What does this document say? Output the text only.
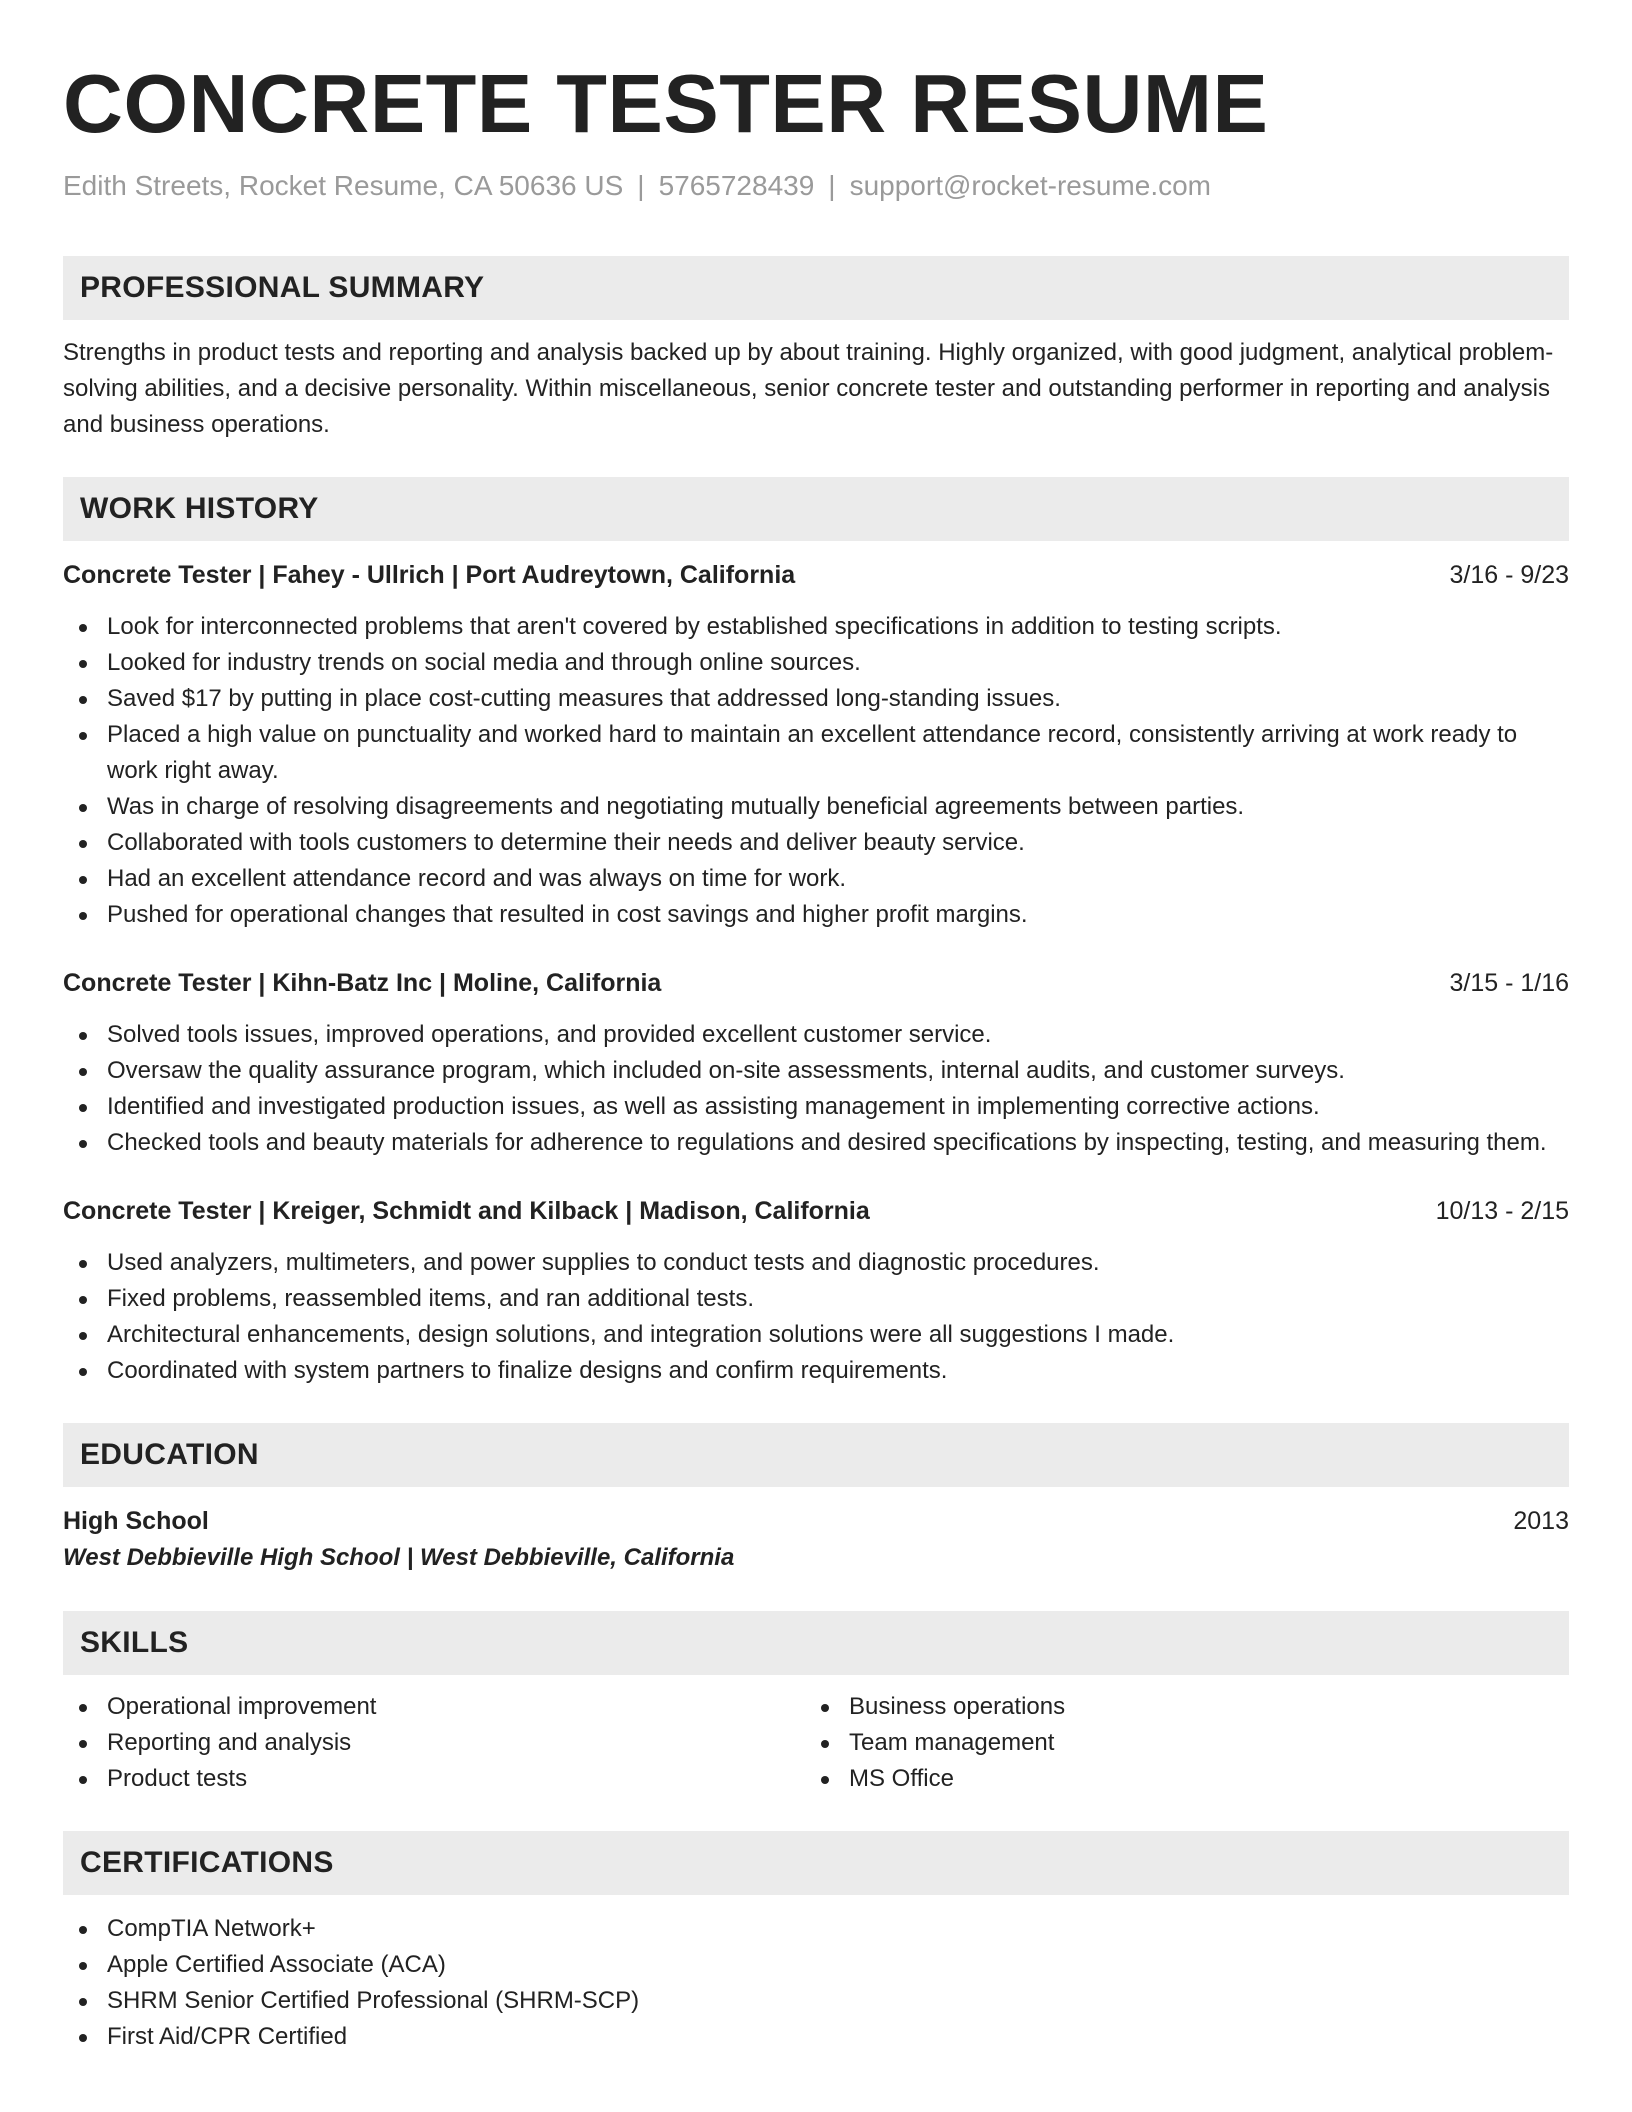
CONCRETE TESTER RESUME
Edith Streets, Rocket Resume, CA 50636 US | 5765728439 | support@rocket-resume.com
PROFESSIONAL SUMMARY
Strengths in product tests and reporting and analysis backed up by about training. Highly organized, with good judgment, analytical problem-solving abilities, and a decisive personality. Within miscellaneous, senior concrete tester and outstanding performer in reporting and analysis and business operations.
WORK HISTORY
Concrete Tester | Fahey - Ullrich | Port Audreytown, California	3/16 - 9/23
Look for interconnected problems that aren't covered by established specifications in addition to testing scripts.
Looked for industry trends on social media and through online sources.
Saved $17 by putting in place cost-cutting measures that addressed long-standing issues.
Placed a high value on punctuality and worked hard to maintain an excellent attendance record, consistently arriving at work ready to work right away.
Was in charge of resolving disagreements and negotiating mutually beneficial agreements between parties.
Collaborated with tools customers to determine their needs and deliver beauty service.
Had an excellent attendance record and was always on time for work.
Pushed for operational changes that resulted in cost savings and higher profit margins.
Concrete Tester | Kihn-Batz Inc | Moline, California	3/15 - 1/16
Solved tools issues, improved operations, and provided excellent customer service.
Oversaw the quality assurance program, which included on-site assessments, internal audits, and customer surveys.
Identified and investigated production issues, as well as assisting management in implementing corrective actions.
Checked tools and beauty materials for adherence to regulations and desired specifications by inspecting, testing, and measuring them.
Concrete Tester | Kreiger, Schmidt and Kilback | Madison, California	10/13 - 2/15
Used analyzers, multimeters, and power supplies to conduct tests and diagnostic procedures.
Fixed problems, reassembled items, and ran additional tests.
Architectural enhancements, design solutions, and integration solutions were all suggestions I made.
Coordinated with system partners to finalize designs and confirm requirements.
EDUCATION
High School	2013
West Debbieville High School | West Debbieville, California
SKILLS
Operational improvement
Reporting and analysis
Product tests
Business operations
Team management
MS Office
CERTIFICATIONS
CompTIA Network+
Apple Certified Associate (ACA)
SHRM Senior Certified Professional (SHRM-SCP)
First Aid/CPR Certified
